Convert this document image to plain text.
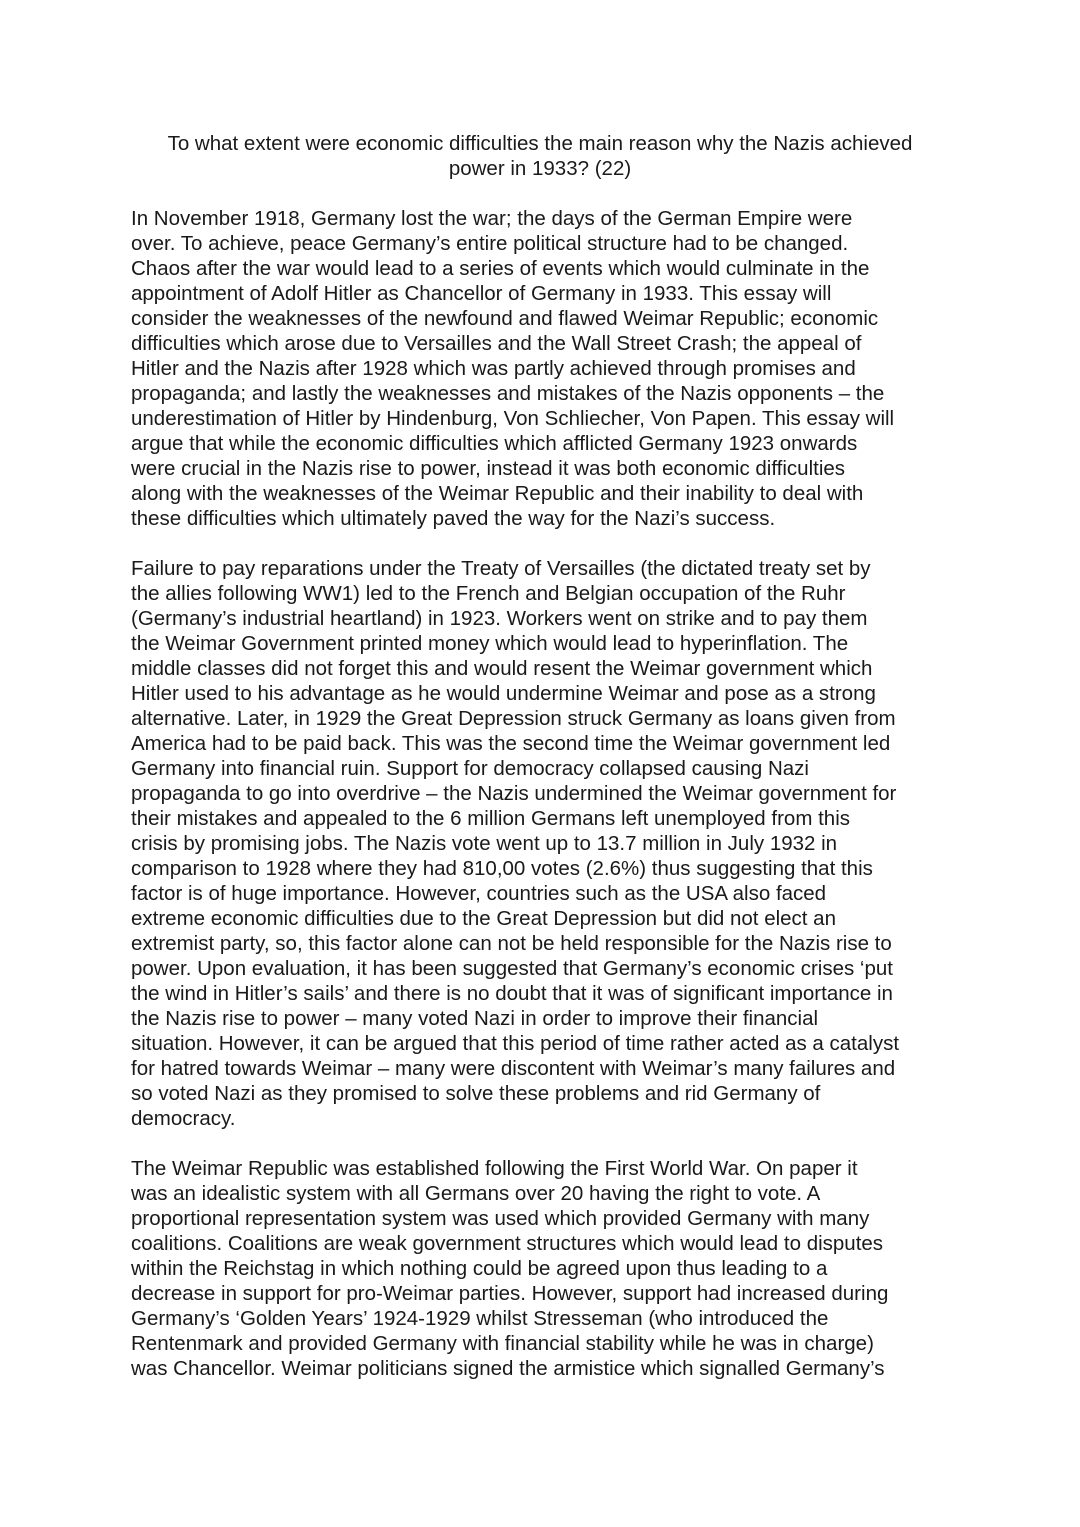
To what extent were economic difficulties the main reason why the Nazis achieved
power in 1933? (22)

In November 1918, Germany lost the war; the days of the German Empire were
over. To achieve, peace Germany’s entire political structure had to be changed.
Chaos after the war would lead to a series of events which would culminate in the
appointment of Adolf Hitler as Chancellor of Germany in 1933. This essay will
consider the weaknesses of the newfound and flawed Weimar Republic; economic
difficulties which arose due to Versailles and the Wall Street Crash; the appeal of
Hitler and the Nazis after 1928 which was partly achieved through promises and
propaganda; and lastly the weaknesses and mistakes of the Nazis opponents – the
underestimation of Hitler by Hindenburg, Von Schliecher, Von Papen. This essay will
argue that while the economic difficulties which afflicted Germany 1923 onwards
were crucial in the Nazis rise to power, instead it was both economic difficulties
along with the weaknesses of the Weimar Republic and their inability to deal with
these difficulties which ultimately paved the way for the Nazi’s success.

Failure to pay reparations under the Treaty of Versailles (the dictated treaty set by
the allies following WW1) led to the French and Belgian occupation of the Ruhr
(Germany’s industrial heartland) in 1923. Workers went on strike and to pay them
the Weimar Government printed money which would lead to hyperinflation. The
middle classes did not forget this and would resent the Weimar government which
Hitler used to his advantage as he would undermine Weimar and pose as a strong
alternative. Later, in 1929 the Great Depression struck Germany as loans given from
America had to be paid back. This was the second time the Weimar government led
Germany into financial ruin. Support for democracy collapsed causing Nazi
propaganda to go into overdrive – the Nazis undermined the Weimar government for
their mistakes and appealed to the 6 million Germans left unemployed from this
crisis by promising jobs. The Nazis vote went up to 13.7 million in July 1932 in
comparison to 1928 where they had 810,00 votes (2.6%) thus suggesting that this
factor is of huge importance. However, countries such as the USA also faced
extreme economic difficulties due to the Great Depression but did not elect an
extremist party, so, this factor alone can not be held responsible for the Nazis rise to
power. Upon evaluation, it has been suggested that Germany’s economic crises ‘put
the wind in Hitler’s sails’ and there is no doubt that it was of significant importance in
the Nazis rise to power – many voted Nazi in order to improve their financial
situation. However, it can be argued that this period of time rather acted as a catalyst
for hatred towards Weimar – many were discontent with Weimar’s many failures and
so voted Nazi as they promised to solve these problems and rid Germany of
democracy.

The Weimar Republic was established following the First World War. On paper it
was an idealistic system with all Germans over 20 having the right to vote. A
proportional representation system was used which provided Germany with many
coalitions. Coalitions are weak government structures which would lead to disputes
within the Reichstag in which nothing could be agreed upon thus leading to a
decrease in support for pro-Weimar parties. However, support had increased during
Germany’s ‘Golden Years’ 1924-1929 whilst Stresseman (who introduced the
Rentenmark and provided Germany with financial stability while he was in charge)
was Chancellor. Weimar politicians signed the armistice which signalled Germany’s
